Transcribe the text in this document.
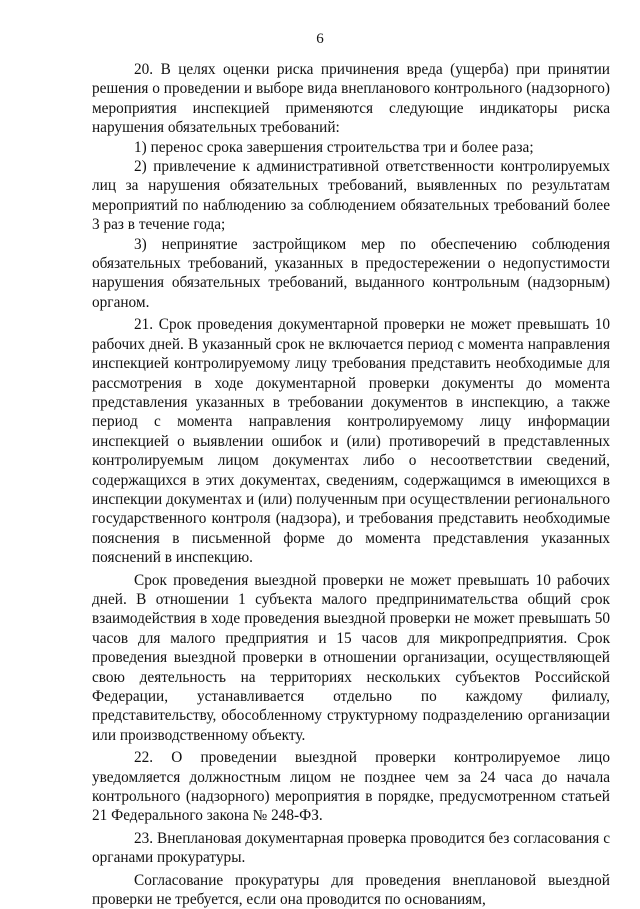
6

20. В целях оценки риска причинения вреда (ущерба) при принятии решения о проведении и выборе вида внепланового контрольного (надзорного) мероприятия инспекцией применяются следующие индикаторы риска нарушения обязательных требований:

1) перенос срока завершения строительства три и более раза;

2) привлечение к административной ответственности контролируемых лиц за нарушения обязательных требований, выявленных по результатам мероприятий по наблюдению за соблюдением обязательных требований более 3 раз в течение года;

3) непринятие застройщиком мер по обеспечению соблюдения обязательных требований, указанных в предостережении о недопустимости нарушения обязательных требований, выданного контрольным (надзорным) органом.

21. Срок проведения документарной проверки не может превышать 10 рабочих дней. В указанный срок не включается период с момента направления инспекцией контролируемому лицу требования представить необходимые для рассмотрения в ходе документарной проверки документы до момента представления указанных в требовании документов в инспекцию, а также период с момента направления контролируемому лицу информации инспекцией о выявлении ошибок и (или) противоречий в представленных контролируемым лицом документах либо о несоответствии сведений, содержащихся в этих документах, сведениям, содержащимся в имеющихся в инспекции документах и (или) полученным при осуществлении регионального государственного контроля (надзора), и требования представить необходимые пояснения в письменной форме до момента представления указанных пояснений в инспекцию.

Срок проведения выездной проверки не может превышать 10 рабочих дней. В отношении 1 субъекта малого предпринимательства общий срок взаимодействия в ходе проведения выездной проверки не может превышать 50 часов для малого предприятия и 15 часов для микропредприятия. Срок проведения выездной проверки в отношении организации, осуществляющей свою деятельность на территориях нескольких субъектов Российской Федерации, устанавливается отдельно по каждому филиалу, представительству, обособленному структурному подразделению организации или производственному объекту.

22. О проведении выездной проверки контролируемое лицо уведомляется должностным лицом не позднее чем за 24 часа до начала контрольного (надзорного) мероприятия в порядке, предусмотренном статьей 21 Федерального закона № 248-ФЗ.

23. Внеплановая документарная проверка проводится без согласования с органами прокуратуры.

Согласование прокуратуры для проведения внеплановой выездной проверки не требуется, если она проводится по основаниям,
